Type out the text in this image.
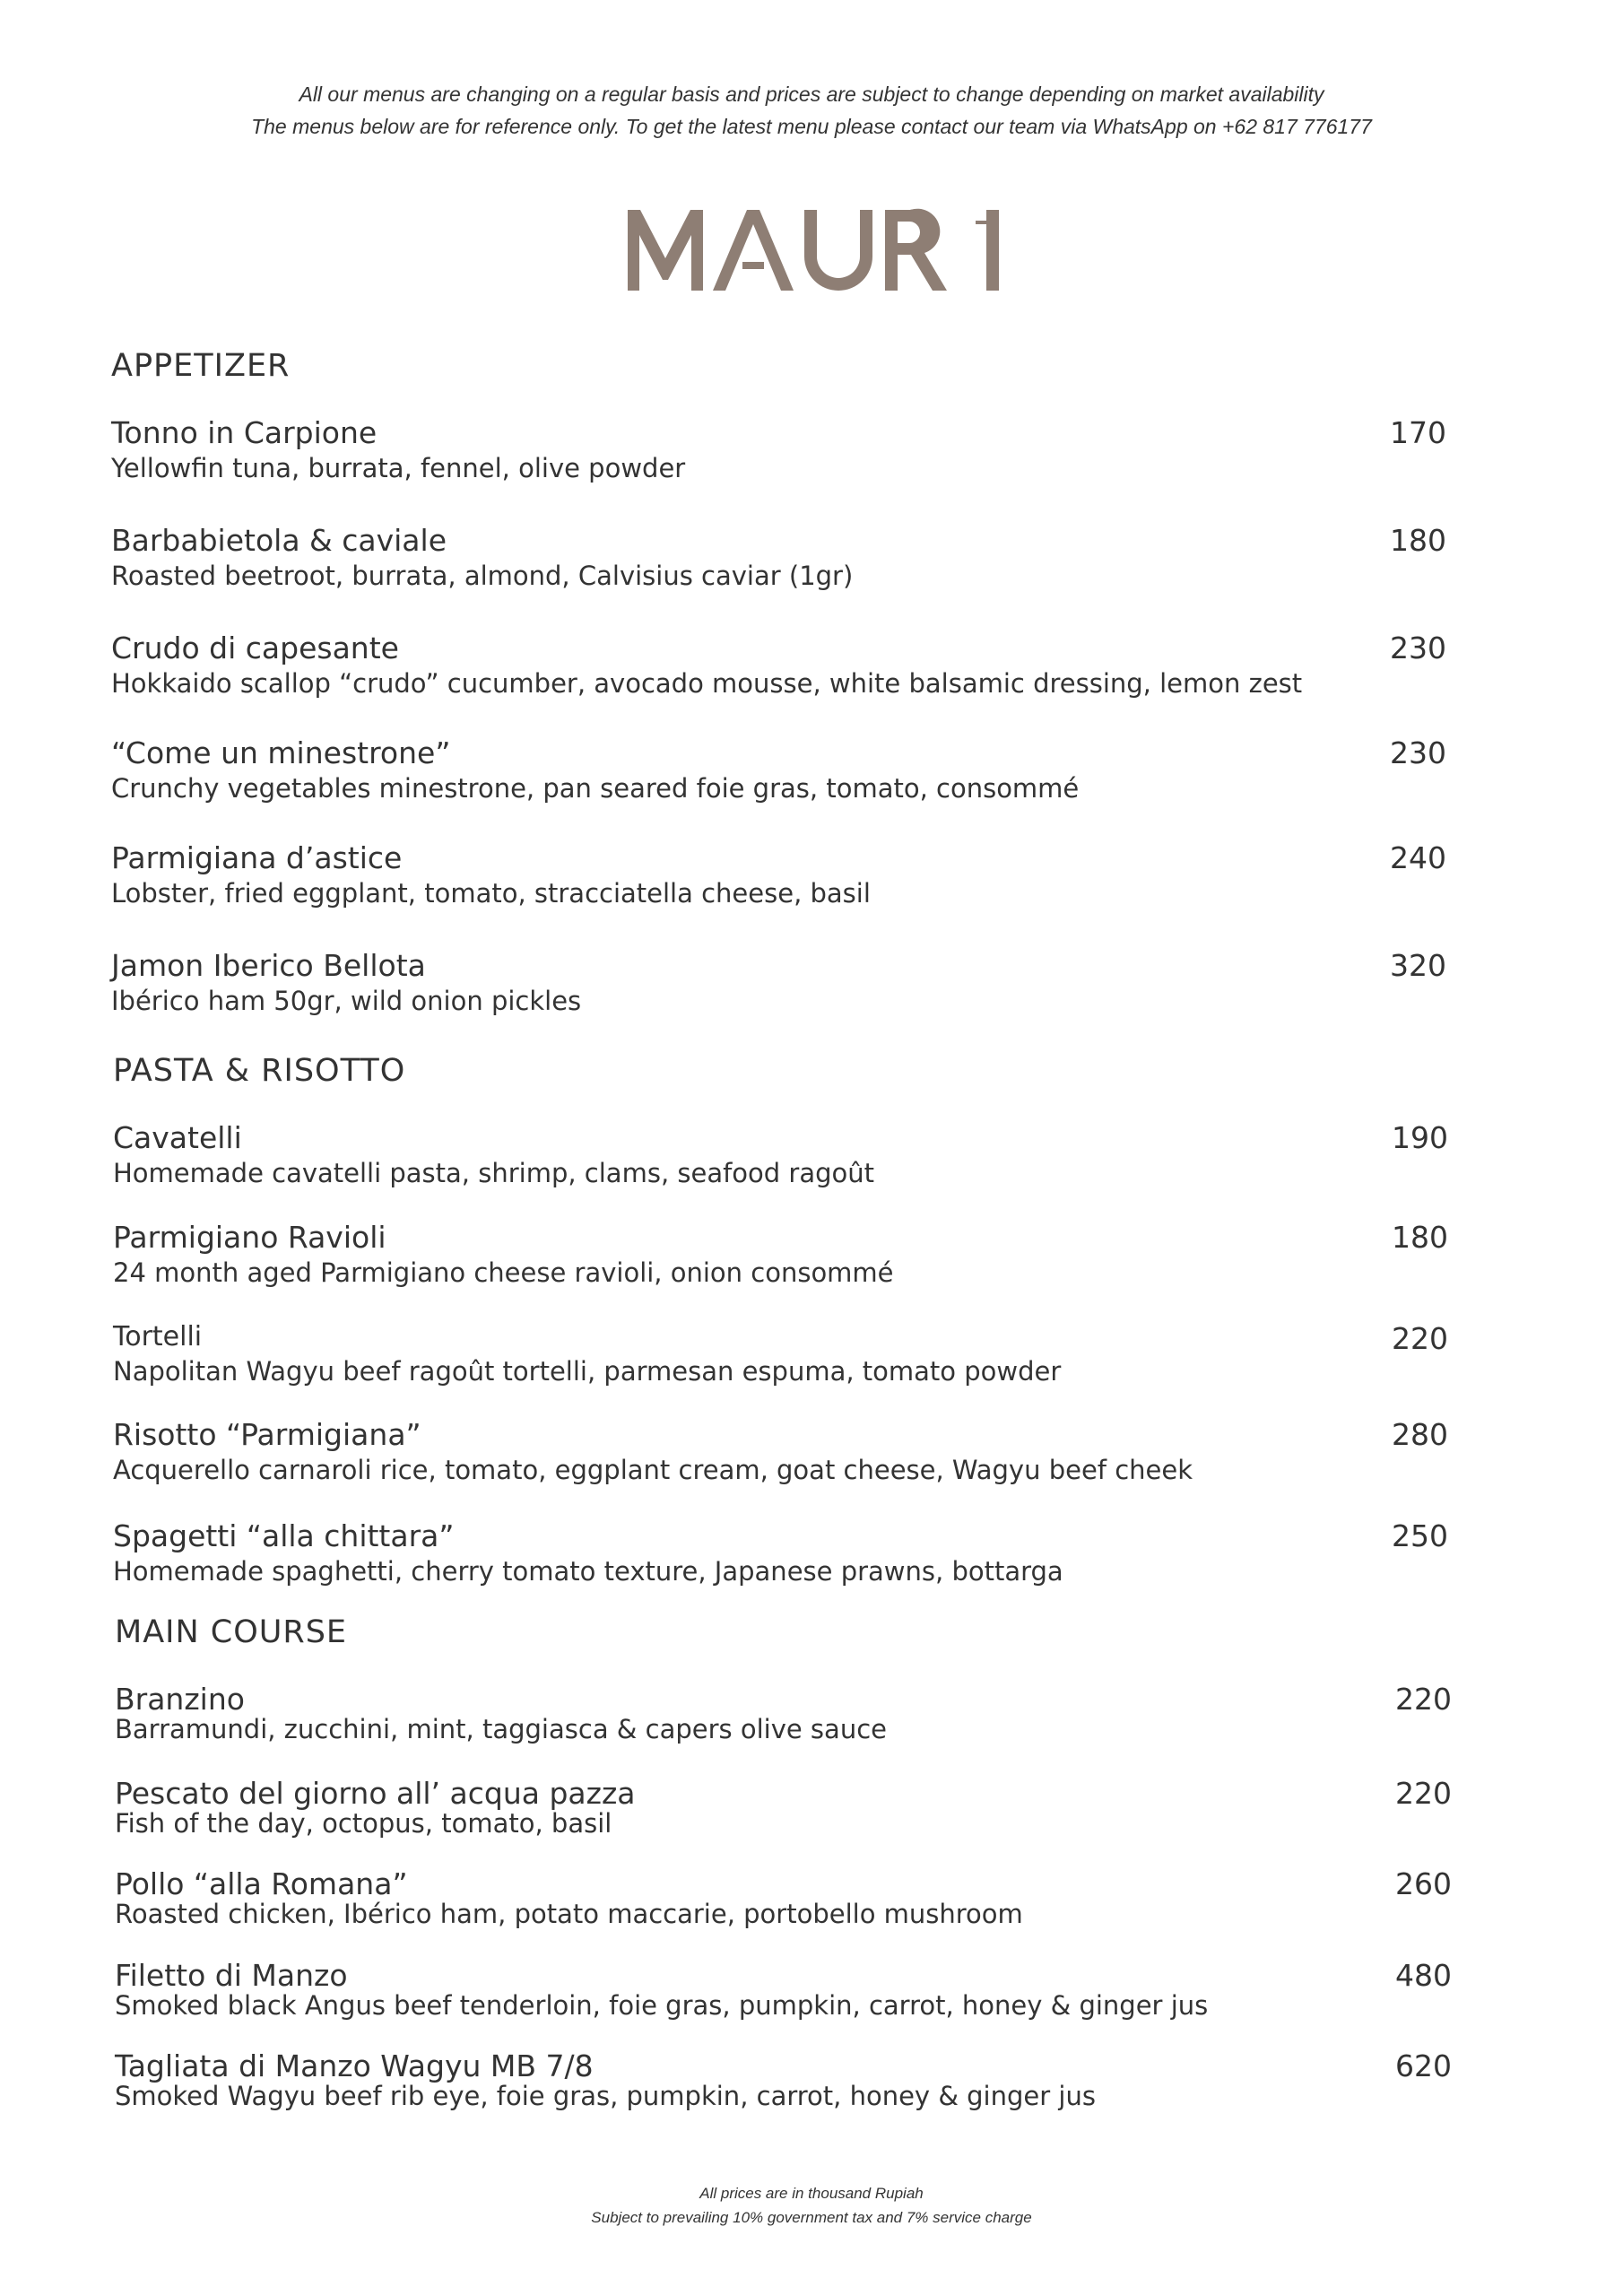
All our menus are changing on a regular basis and prices are subject to change depending on market availability
The menus below are for reference only. To get the latest menu please contact our team via WhatsApp on +62 817 776177
APPETIZER
Tonno in Carpione	170
Yellowfin tuna, burrata, fennel, olive powder
Barbabietola & caviale	180
Roasted beetroot, burrata, almond, Calvisius caviar (1gr)
Crudo di capesante	230
Hokkaido scallop “crudo” cucumber, avocado mousse, white balsamic dressing, lemon zest
“Come un minestrone”	230
Crunchy vegetables minestrone, pan seared foie gras, tomato, consommé
Parmigiana d’astice	240
Lobster, fried eggplant, tomato, stracciatella cheese, basil
Jamon Iberico Bellota	320
Ibérico ham 50gr, wild onion pickles
PASTA & RISOTTO
Cavatelli	190
Homemade cavatelli pasta, shrimp, clams, seafood ragoût
Parmigiano Ravioli	180
24 month aged Parmigiano cheese ravioli, onion consommé
Tortelli	220
Napolitan Wagyu beef ragoût tortelli, parmesan espuma, tomato powder
Risotto “Parmigiana”	280
Acquerello carnaroli rice, tomato, eggplant cream, goat cheese, Wagyu beef cheek
Spagetti “alla chittara”	250
Homemade spaghetti, cherry tomato texture, Japanese prawns, bottarga
MAIN COURSE
Branzino	220
Barramundi, zucchini, mint, taggiasca & capers olive sauce
Pescato del giorno all’ acqua pazza	220
Fish of the day, octopus, tomato, basil
Pollo “alla Romana”	260
Roasted chicken, Ibérico ham, potato maccarie, portobello mushroom
Filetto di Manzo	480
Smoked black Angus beef tenderloin, foie gras, pumpkin, carrot, honey & ginger jus
Tagliata di Manzo Wagyu MB 7/8	620
Smoked Wagyu beef rib eye, foie gras, pumpkin, carrot, honey & ginger jus
All prices are in thousand Rupiah
Subject to prevailing 10% government tax and 7% service charge
